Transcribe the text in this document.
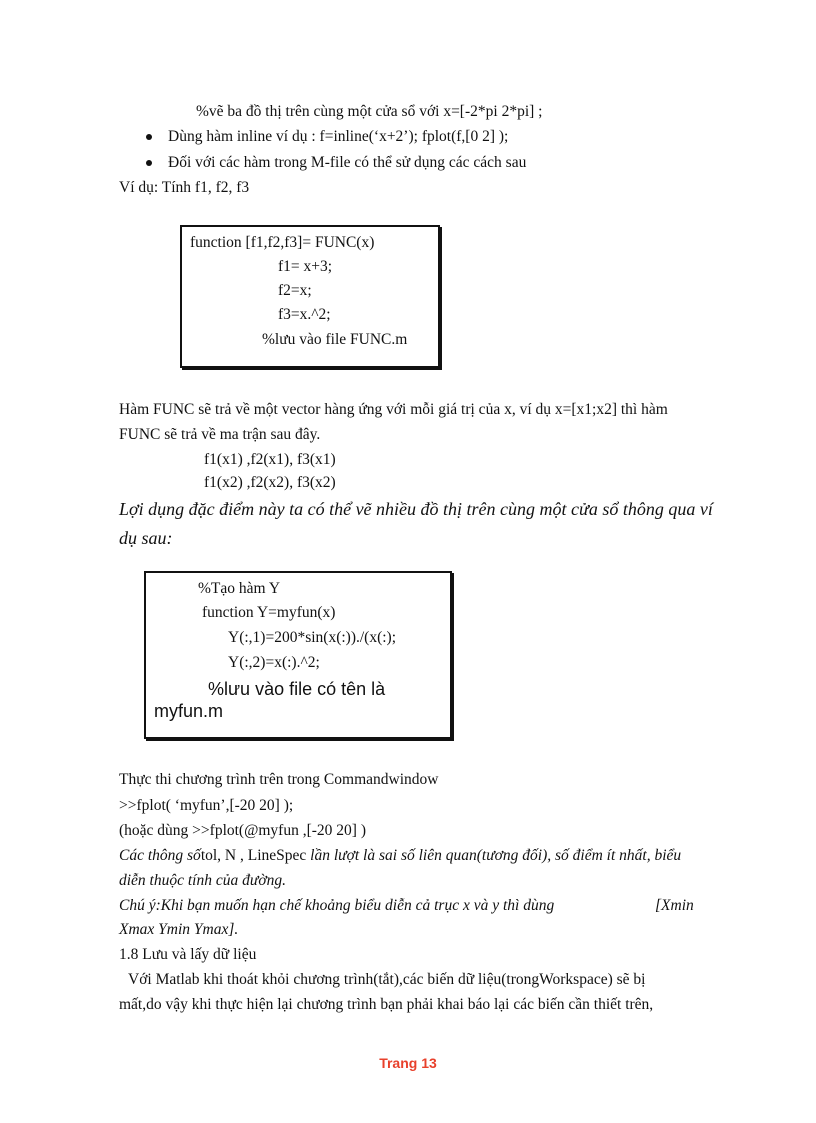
%vẽ ba đồ thị trên cùng một cửa sổ với x=[-2*pi 2*pi] ;
Dùng hàm inline ví dụ : f=inline(‘x+2’); fplot(f,[0 2] );
Đối với các hàm trong M-file có thể sử dụng các cách sau
Ví dụ: Tính f1, f2, f3
function [f1,f2,f3]= FUNC(x)
f1= x+3;
f2=x;
f3=x.^2;
%lưu vào file FUNC.m
Hàm FUNC sẽ trả về một vector hàng ứng với mỗi giá trị của x, ví dụ x=[x1;x2] thì hàm
FUNC sẽ trả về ma trận sau đây.
f1(x1) ,f2(x1), f3(x1)
f1(x2) ,f2(x2), f3(x2)
Lợi dụng đặc điểm này ta có thể vẽ nhiều đồ thị trên cùng một cửa sổ thông qua ví
dụ sau:
%Tạo hàm Y
function Y=myfun(x)
Y(:,1)=200*sin(x(:))./(x(:);
Y(:,2)=x(:).^2;
%lưu vào file có tên là
myfun.m
Thực thi chương trình trên trong Commandwindow
>>fplot( ‘myfun’,[-20 20] );
(hoặc dùng >>fplot(@myfun ,[-20 20] )
Các thông sốtol, N , LineSpec lần lượt là sai số liên quan(tương đối), số điểm ít nhất, biểu
diễn thuộc tính của đường.
Chú ý:Khi bạn muốn hạn chế khoảng biểu diễn cả trục x và y thì dùng	[Xmin
Xmax Ymin Ymax].
1.8 Lưu và lấy dữ liệu
Với Matlab khi thoát khỏi chương trình(tắt),các biến dữ liệu(trongWorkspace) sẽ bị
mất,do vậy khi thực hiện lại chương trình bạn phải khai báo lại các biến cần thiết trên,
Trang 13
